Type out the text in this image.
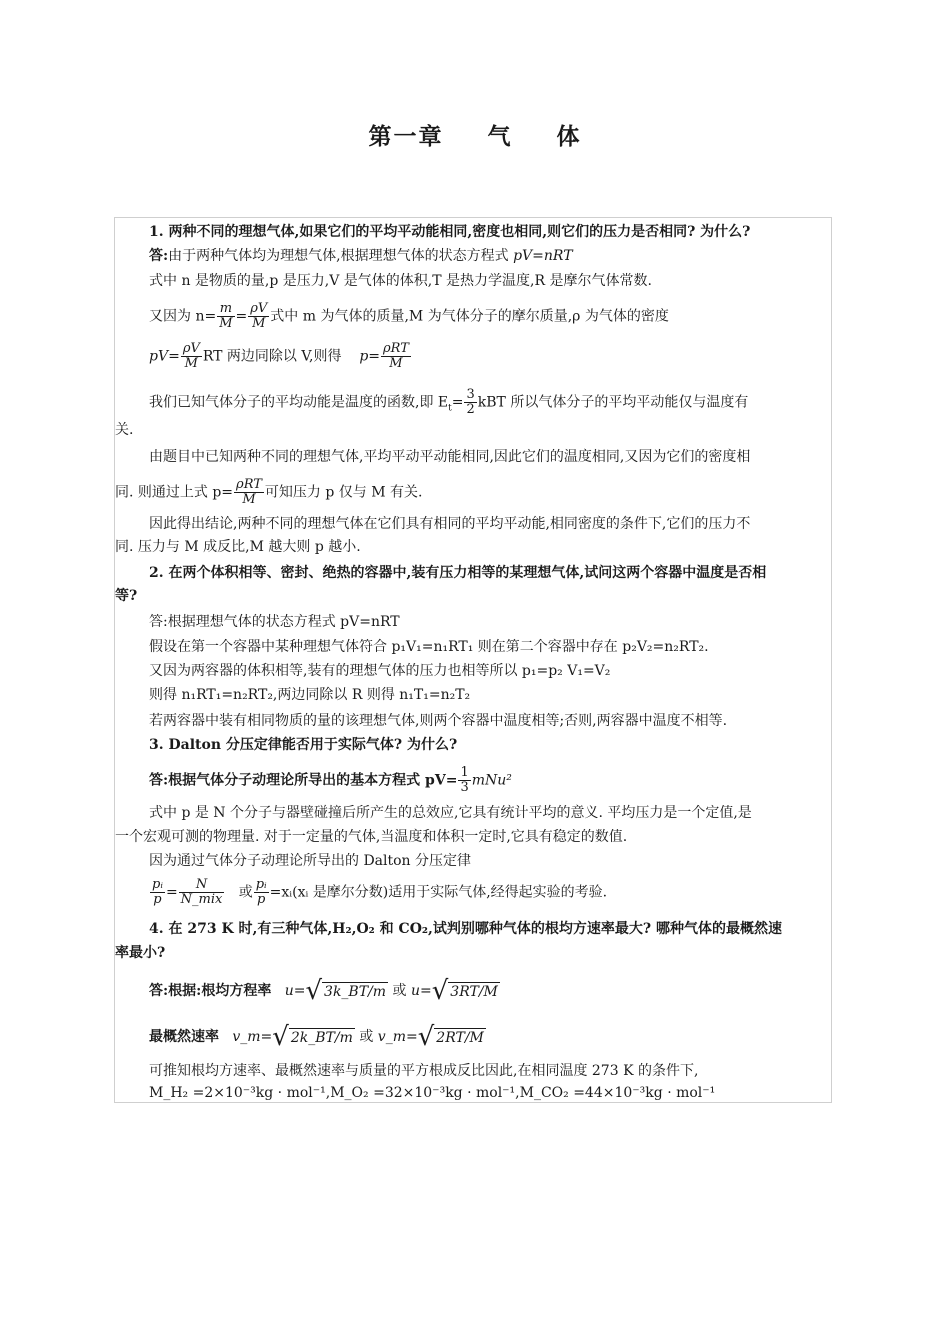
第一章 气 体
1. 两种不同的理想气体,如果它们的平均平动能相同,密度也相同,则它们的压力是否相同? 为什么?
答:由于两种气体均为理想气体,根据理想气体的状态方程式 pV=nRT
式中 n 是物质的量,p 是压力,V 是气体的体积,T 是热力学温度,R 是摩尔气体常数.
又因为 $n= \frac{m}{M} = \frac{\rho V}{M}$ 式中 m 为气体的质量,M 为气体分子的摩尔质量,ρ 为气体的密度
$pV= \frac{\rho V}{M}$ RT 两边同除以 V,则得 $p= \frac{\text{ρRT}}{M}$
我们已知气体分子的平均动能是温度的函数,即 $E_t= \frac{3}{2}$ kBT 所以气体分子的平均平动能仅与温度有
关.
由题目中已知两种不同的理想气体,平均平动平动能相同,因此它们的温度相同,又因为它们的密度相
同. 则通过上式 $p= \frac{\text{ρRT}}{M}$ 可知压力 p 仅与 M 有关.
因此得出结论,两种不同的理想气体在它们具有相同的平均平动能,相同密度的条件下,它们的压力不
同. 压力与 M 成反比,M 越大则 p 越小.
2. 在两个体积相等、密封、绝热的容器中,装有压力相等的某理想气体,试问这两个容器中温度是否相
等?
答:根据理想气体的状态方程式 pV=nRT
假设在第一个容器中某种理想气体符合 p₁V₁=n₁RT₁ 则在第二个容器中存在 p₂V₂=n₂RT₂.
又因为两容器的体积相等,装有的理想气体的压力也相等所以 p₁=p₂ V₁=V₂
则得 n₁RT₁=n₂RT₂,两边同除以 R 则得 n₁T₁=n₂T₂
若两容器中装有相同物质的量的该理想气体,则两个容器中温度相等;否则,两容器中温度不相等.
3. Dalton 分压定律能否用于实际气体? 为什么?
答:根据气体分子动理论所导出的基本方程式 $pV= \frac{1}{3} mNu^2$
式中 p 是 N 个分子与器壁碰撞后所产生的总效应,它具有统计平均的意义. 平均压力是一个定值,是
一个宏观可测的物理量. 对于一定量的气体,当温度和体积一定时,它具有稳定的数值.
因为通过气体分子动理论所导出的 Dalton 分压定律
$\frac{\text{pᵢ}}{p} = \frac{N}{\text{N\_mix}}$ 或 $\frac{\text{pᵢ}}{p}$ =xᵢ(xᵢ 是摩尔分数)适用于实际气体,经得起实验的考验.
4. 在 273 K 时,有三种气体,H₂,O₂ 和 CO₂,试判别哪种气体的根均方速率最大? 哪种气体的最概然速
率最小?
答:根据:根均方程率 u=√ 3k_BT/m 或 u=√ 3RT/M
最概然速率 v_m=√ 2k_BT/m 或 v_m=√ 2RT/M
可推知根均方速率、最概然速率与质量的平方根成反比因此,在相同温度 273 K 的条件下,
M_H₂ =2×10⁻³kg · mol⁻¹,M_O₂ =32×10⁻³kg · mol⁻¹,M_CO₂ =44×10⁻³kg · mol⁻¹
